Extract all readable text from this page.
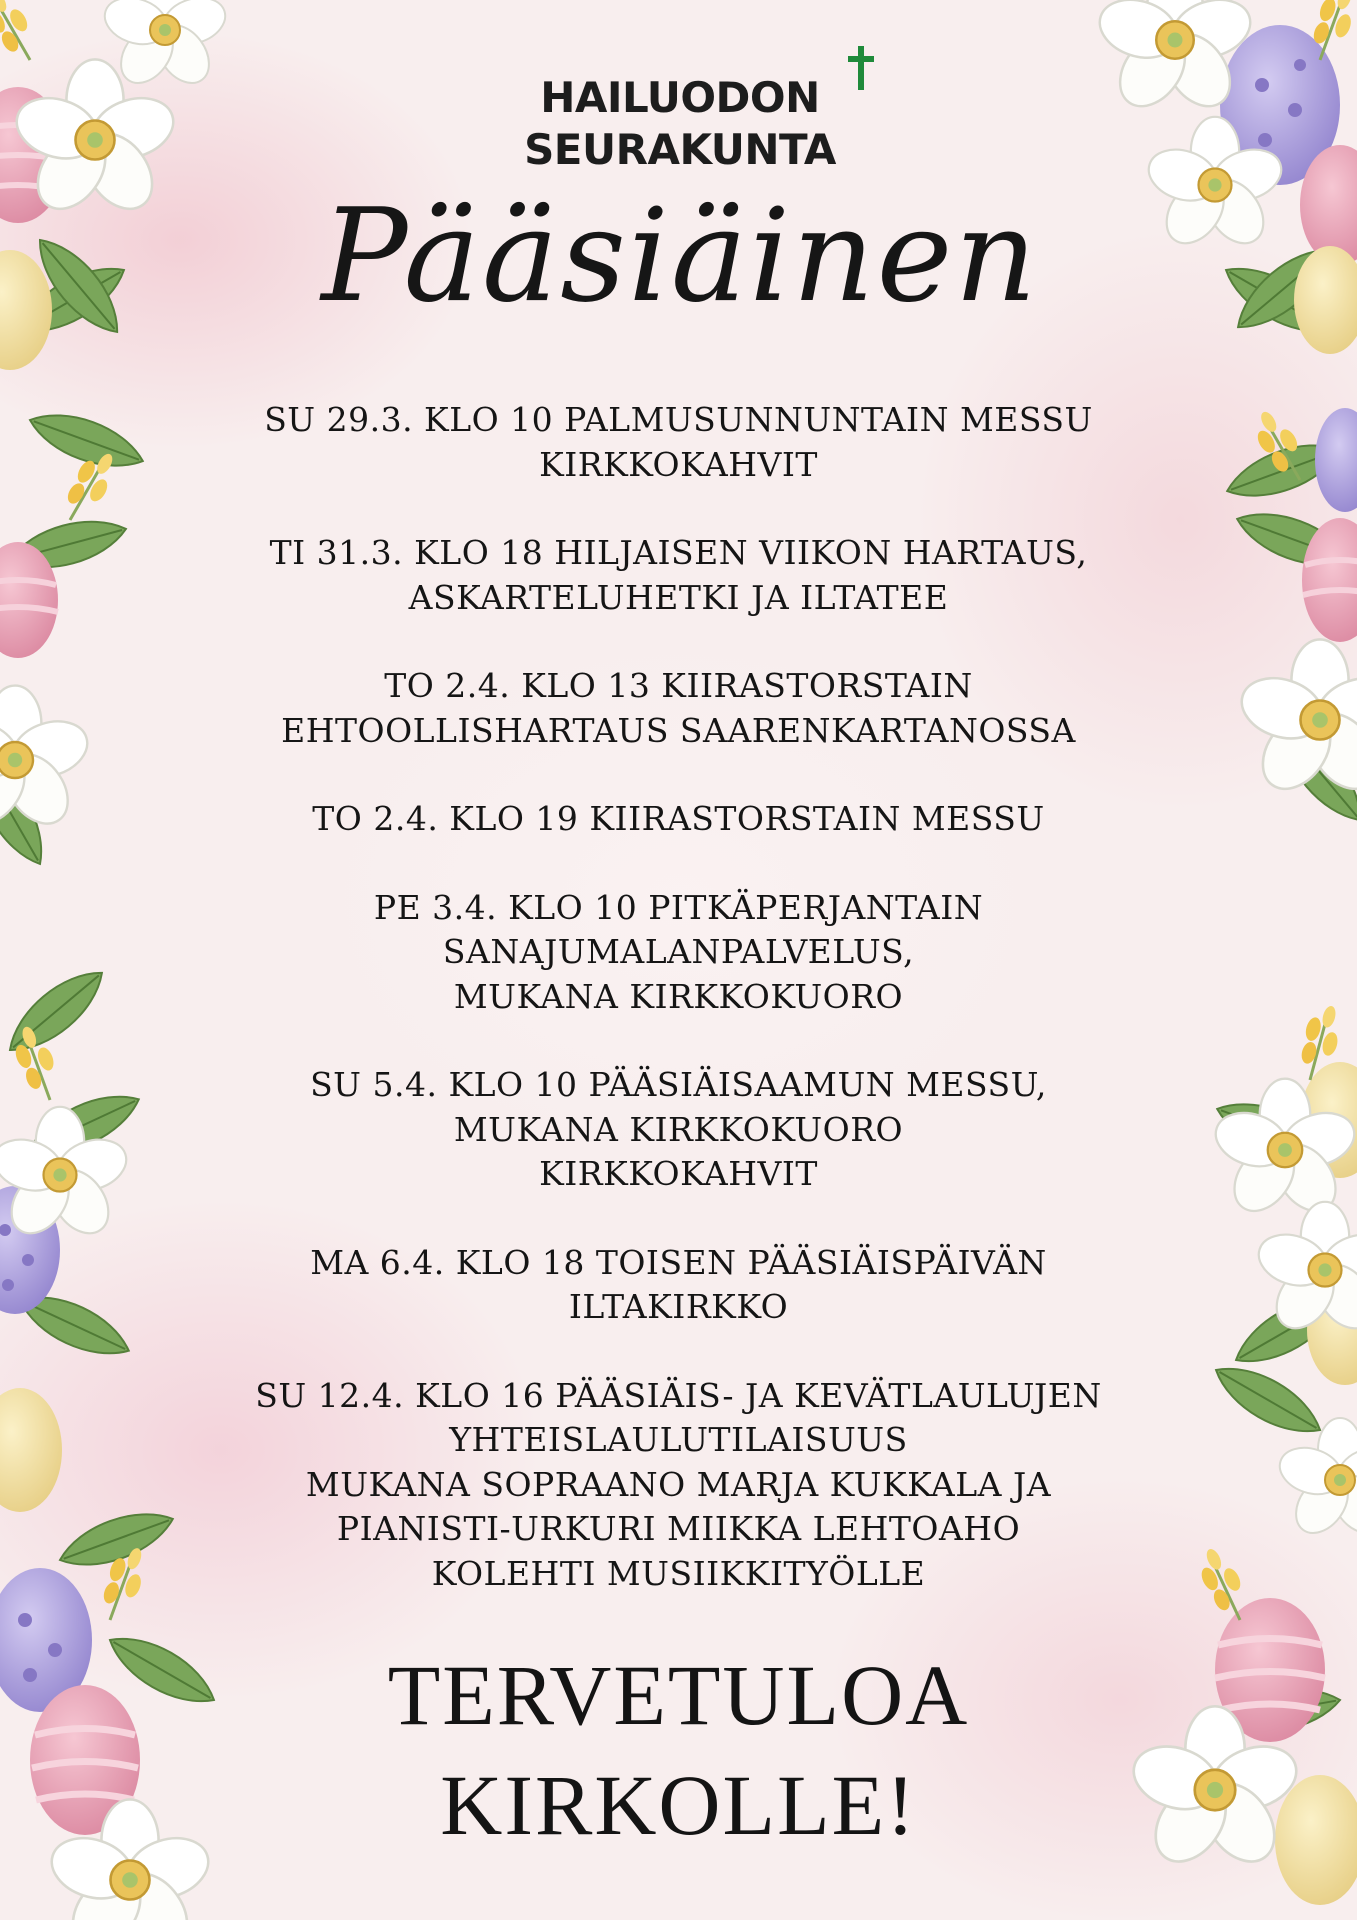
HAILUODON
SEURAKUNTA
Pääsiäinen
SU 29.3. KLO 10 PALMUSUNNUNTAIN MESSU
KIRKKOKAHVIT
TI 31.3. KLO 18 HILJAISEN VIIKON HARTAUS,
ASKARTELUHETKI JA ILTATEE
TO 2.4. KLO 13 KIIRASTORSTAIN
EHTOOLLISHARTAUS SAARENKARTANOSSA
TO 2.4. KLO 19 KIIRASTORSTAIN MESSU
PE 3.4. KLO 10 PITKÄPERJANTAIN
SANAJUMALANPALVELUS,
MUKANA KIRKKOKUORO
SU 5.4. KLO 10 PÄÄSIÄISAAMUN MESSU,
MUKANA KIRKKOKUORO
KIRKKOKAHVIT
MA 6.4. KLO 18 TOISEN PÄÄSIÄISPÄIVÄN
ILTAKIRKKO
SU 12.4. KLO 16 PÄÄSIÄIS- JA KEVÄTLAULUJEN
YHTEISLAULUTILAISUUS
MUKANA SOPRAANO MARJA KUKKALA JA
PIANISTI-URKURI MIIKKA LEHTOAHO
KOLEHTI MUSIIKKITYÖLLE
TERVETULOA
KIRKOLLE!
